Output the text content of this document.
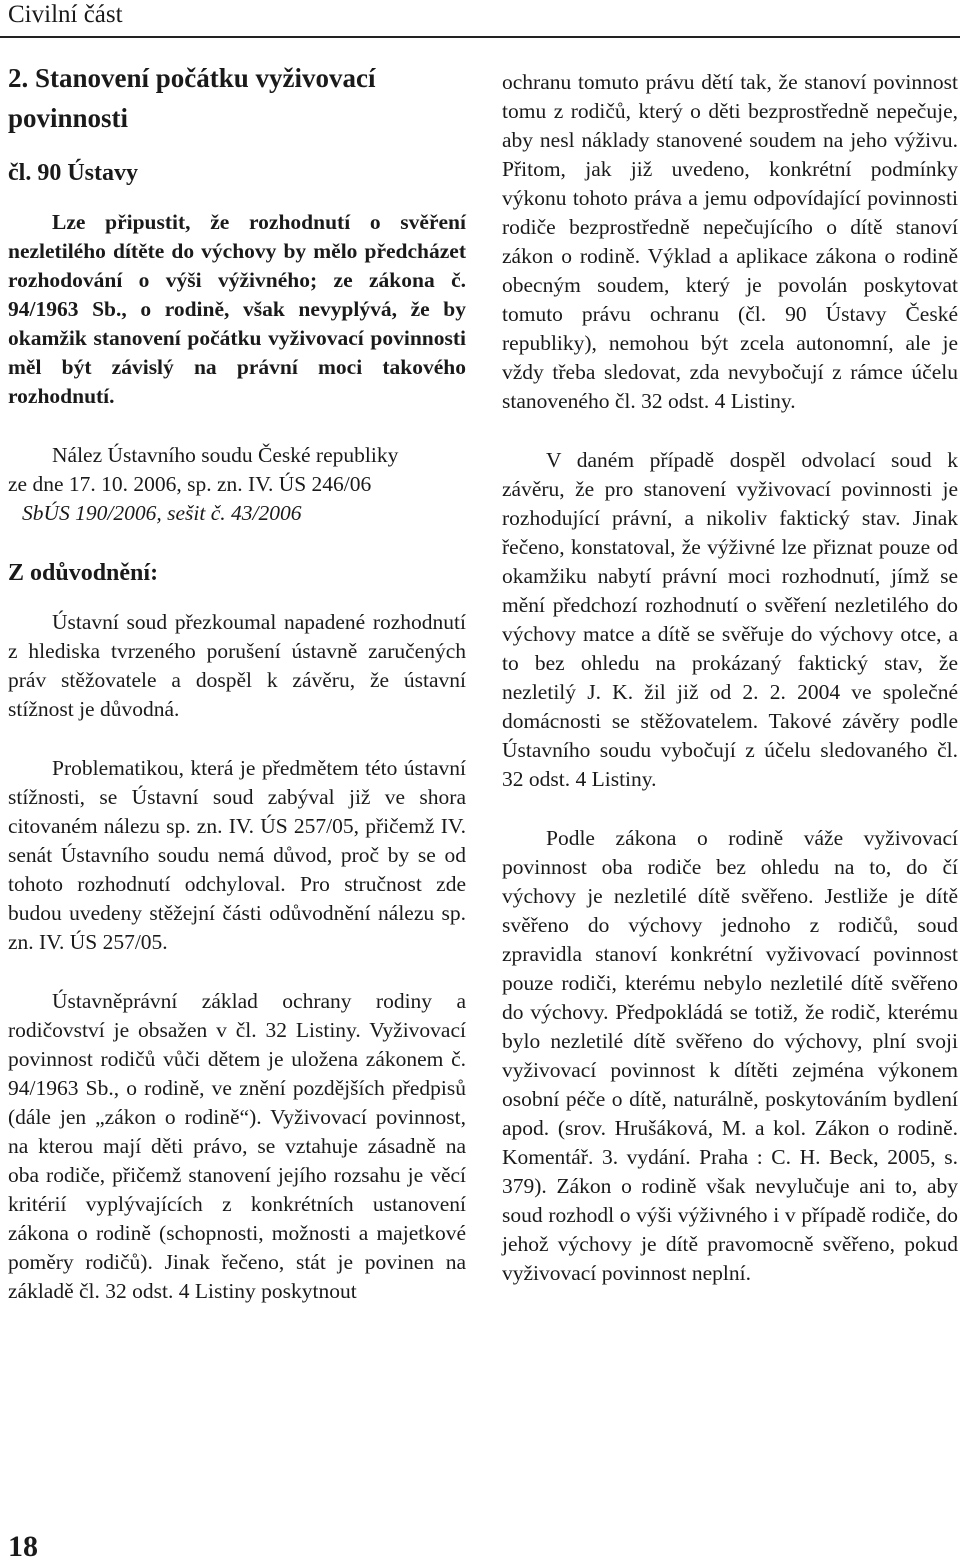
Civilní část
2. Stanovení počátku vyživovací povinnosti
čl. 90 Ústavy

Lze připustit, že rozhodnutí o svěření nezletilého dítěte do výchovy by mělo předcházet rozhodování o výši výživného; ze zákona č. 94/1963 Sb., o rodině, však nevyplývá, že by okamžik stanovení počátku vyživovací povinnosti měl být závislý na právní moci takového rozhodnutí.

Nález Ústavního soudu České republiky

ze dne 17. 10. 2006, sp. zn. IV. ÚS 246/06

SbÚS 190/2006, sešit č. 43/2006

Z odůvodnění:

Ústavní soud přezkoumal napadené rozhodnutí z hlediska tvrzeného porušení ústavně zaručených práv stěžovatele a dospěl k závěru, že ústavní stížnost je důvodná.

Problematikou, která je předmětem této ústavní stížnosti, se Ústavní soud zabýval již ve shora citovaném nálezu sp. zn. IV. ÚS 257/05, přičemž IV. senát Ústavního soudu nemá důvod, proč by se od tohoto rozhodnutí odchyloval. Pro stručnost zde budou uvedeny stěžejní části odůvodnění nálezu sp. zn. IV. ÚS 257/05.

Ústavněprávní základ ochrany rodiny a rodičovství je obsažen v čl. 32 Listiny. Vyživovací povinnost rodičů vůči dětem je uložena zákonem č. 94/1963 Sb., o rodině, ve znění pozdějších předpisů (dále jen „zákon o rodině“). Vyživovací povinnost, na kterou mají děti právo, se vztahuje zásadně na oba rodiče, přičemž stanovení jejího rozsahu je věcí kritérií vyplývajících z konkrétních ustanovení zákona o rodině (schopnosti, možnosti a majetkové poměry rodičů). Jinak řečeno, stát je povinen na základě čl. 32 odst. 4 Listiny poskytnout

ochranu tomuto právu dětí tak, že stanoví povinnost tomu z rodičů, který o děti bezprostředně nepečuje, aby nesl náklady stanovené soudem na jeho výživu. Přitom, jak již uvedeno, konkrétní podmínky výkonu tohoto práva a jemu odpovídající povinnosti rodiče bezprostředně nepečujícího o dítě stanoví zákon o rodině. Výklad a aplikace zákona o rodině obecným soudem, který je povolán poskytovat tomuto právu ochranu (čl. 90 Ústavy České republiky), nemohou být zcela autonomní, ale je vždy třeba sledovat, zda nevybočují z rámce účelu stanoveného čl. 32 odst. 4 Listiny.

V daném případě dospěl odvolací soud k závěru, že pro stanovení vyživovací povinnosti je rozhodující právní, a nikoliv faktický stav. Jinak řečeno, konstatoval, že výživné lze přiznat pouze od okamžiku nabytí právní moci rozhodnutí, jímž se mění předchozí rozhodnutí o svěření nezletilého do výchovy matce a dítě se svěřuje do výchovy otce, a to bez ohledu na prokázaný faktický stav, že nezletilý J. K. žil již od 2. 2. 2004 ve společné domácnosti se stěžovatelem. Takové závěry podle Ústavního soudu vybočují z účelu sledovaného čl. 32 odst. 4 Listiny.

Podle zákona o rodině váže vyživovací povinnost oba rodiče bez ohledu na to, do čí výchovy je nezletilé dítě svěřeno. Jestliže je dítě svěřeno do výchovy jednoho z rodičů, soud zpravidla stanoví konkrétní vyživovací povinnost pouze rodiči, kterému nebylo nezletilé dítě svěřeno do výchovy. Předpokládá se totiž, že rodič, kterému bylo nezletilé dítě svěřeno do výchovy, plní svoji vyživovací povinnost k dítěti zejména výkonem osobní péče o dítě, naturálně, poskytováním bydlení apod. (srov. Hrušáková, M. a kol. Zákon o rodině. Komentář. 3. vydání. Praha : C. H. Beck, 2005, s. 379). Zákon o rodině však nevylučuje ani to, aby soud rozhodl o výši výživného i v případě rodiče, do jehož výchovy je dítě pravomocně svěřeno, pokud vyživovací povinnost neplní.

18
